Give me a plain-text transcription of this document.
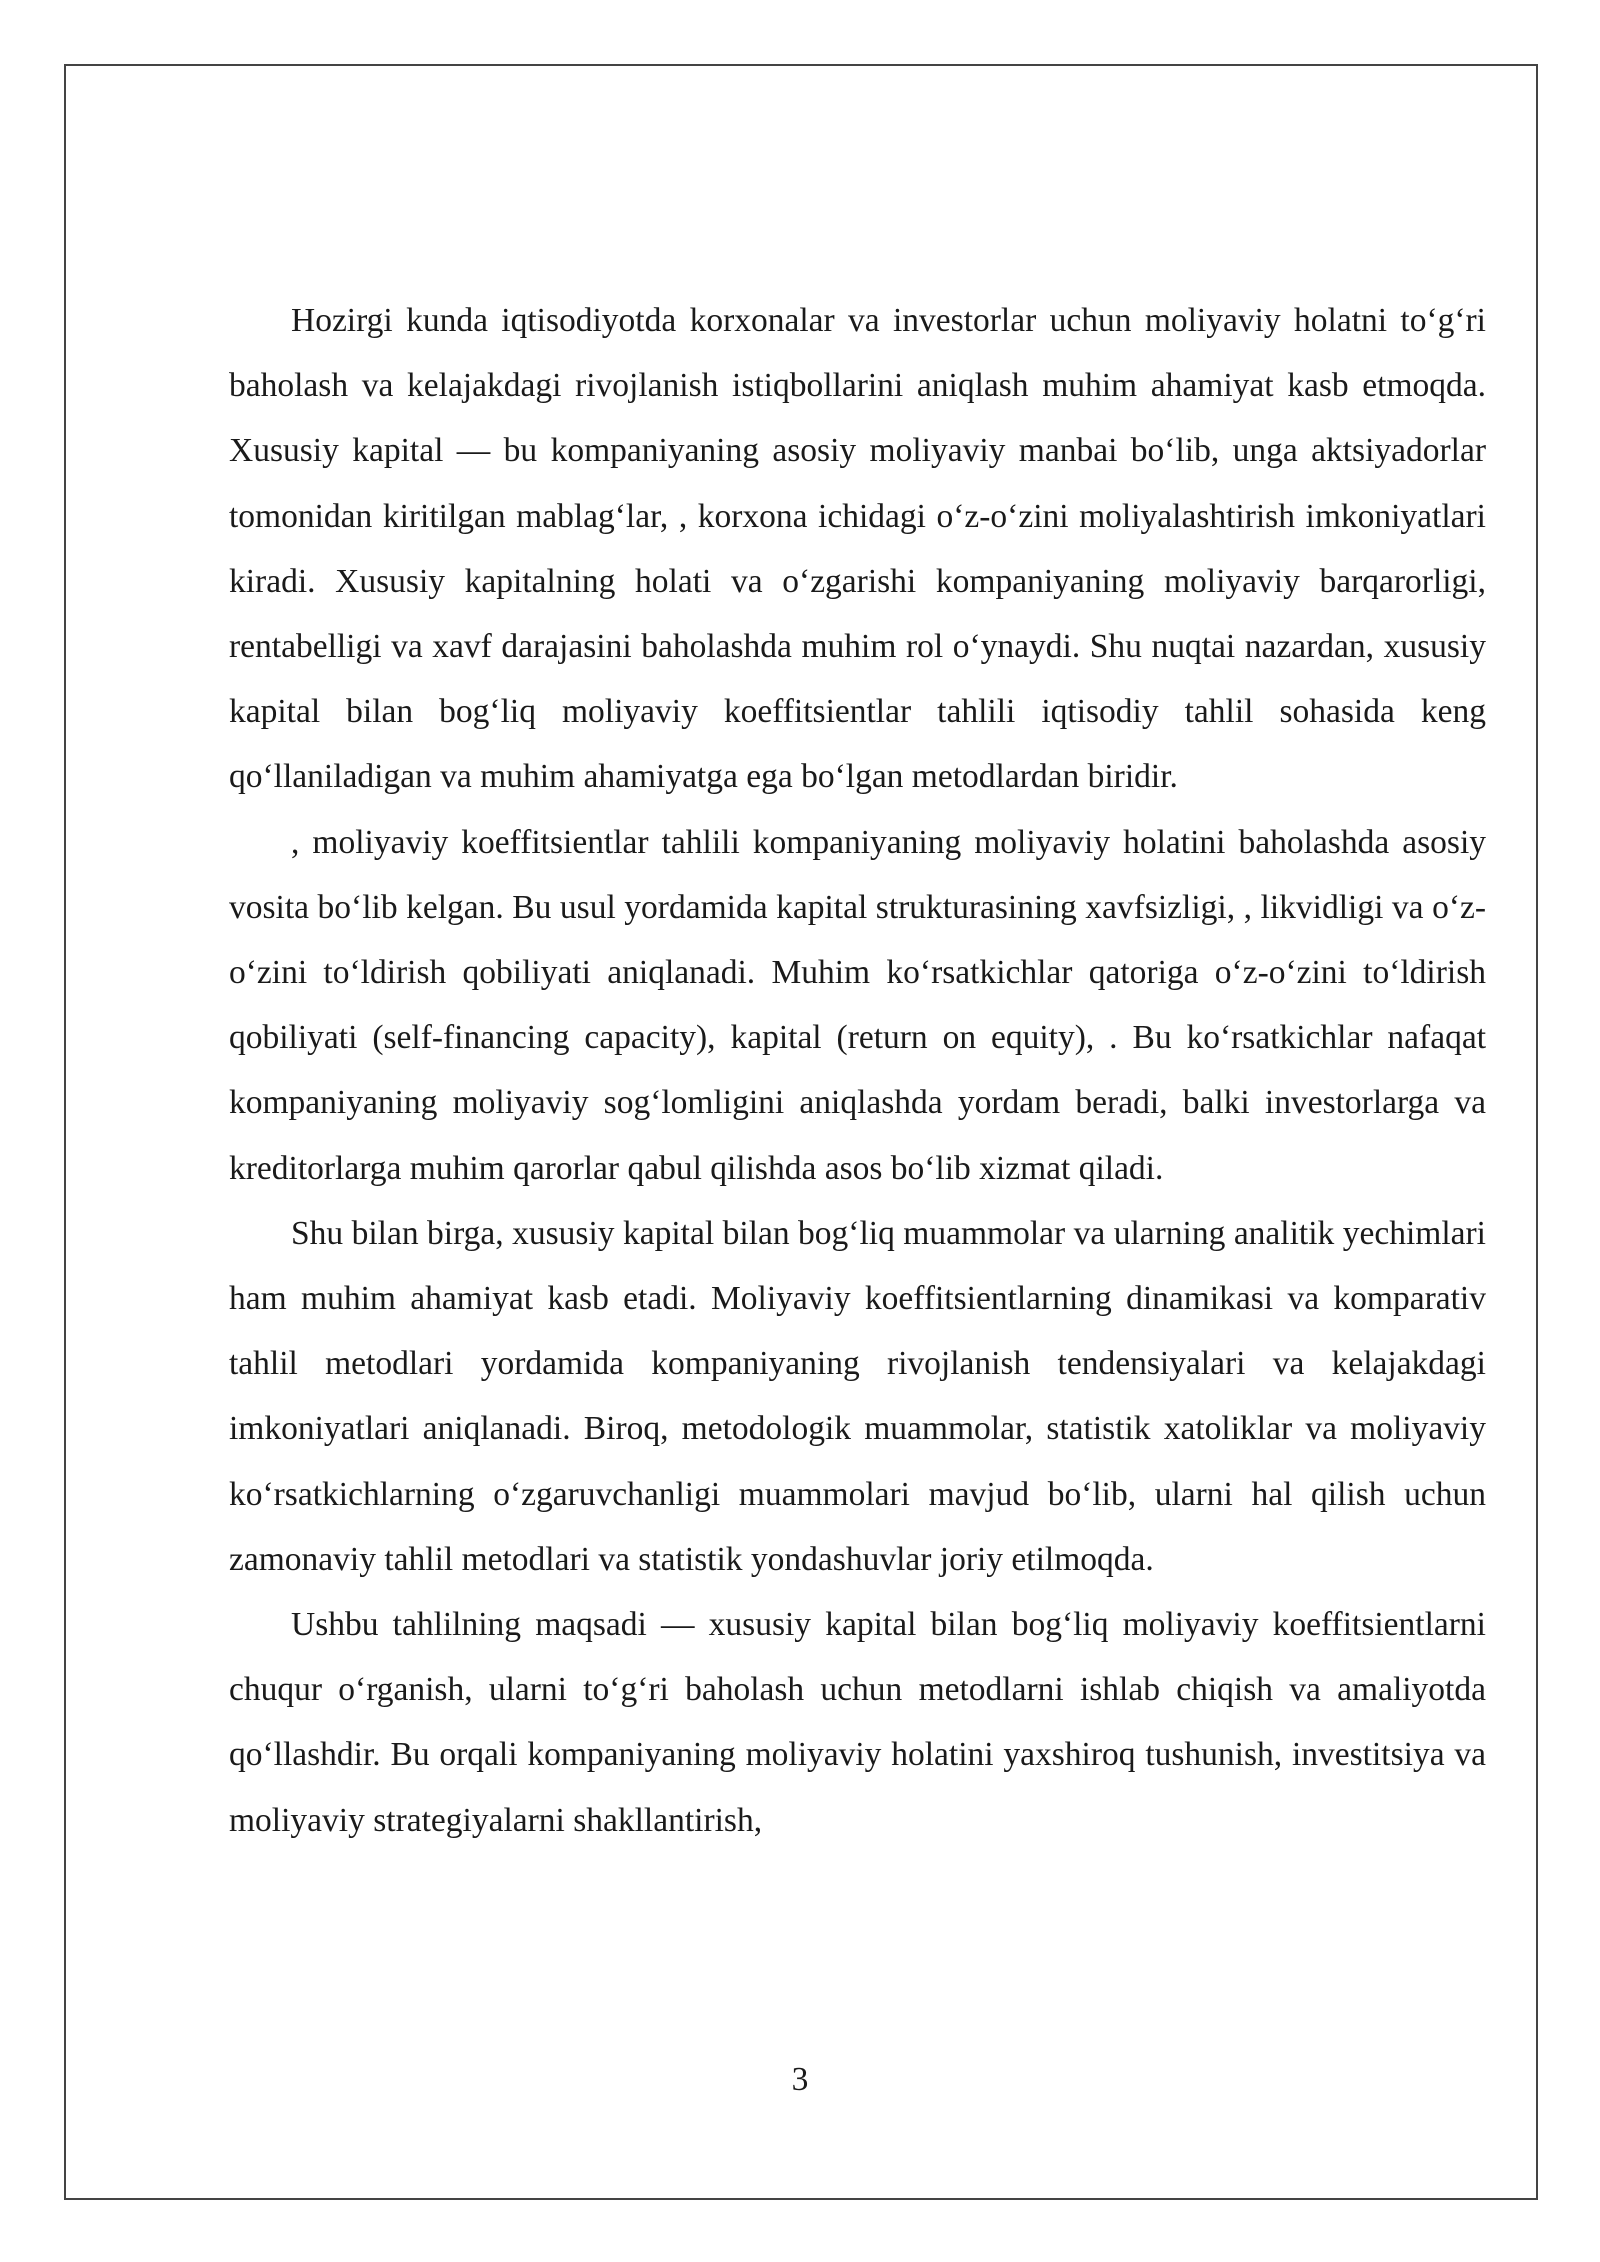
Hozirgi kunda iqtisodiyotda korxonalar va investorlar uchun moliyaviy holatni to‘g‘ri baholash va kelajakdagi rivojlanish istiqbollarini aniqlash muhim ahamiyat kasb etmoqda. Xususiy kapital — bu kompaniyaning asosiy moliyaviy manbai bo‘lib, unga aktsiyadorlar tomonidan kiritilgan mablag‘lar, , korxona ichidagi o‘z-o‘zini moliyalashtirish imkoniyatlari kiradi. Xususiy kapitalning holati va o‘zgarishi kompaniyaning moliyaviy barqarorligi, rentabelligi va xavf darajasini baholashda muhim rol o‘ynaydi. Shu nuqtai nazardan, xususiy kapital bilan bog‘liq moliyaviy koeffitsientlar tahlili iqtisodiy tahlil sohasida keng qo‘llaniladigan va muhim ahamiyatga ega bo‘lgan metodlardan biridir.

, moliyaviy koeffitsientlar tahlili kompaniyaning moliyaviy holatini baholashda asosiy vosita bo‘lib kelgan. Bu usul yordamida kapital strukturasining xavfsizligi, , likvidligi va o‘z-o‘zini to‘ldirish qobiliyati aniqlanadi. Muhim ko‘rsatkichlar qatoriga o‘z-o‘zini to‘ldirish qobiliyati (self-financing capacity), kapital (return on equity), . Bu ko‘rsatkichlar nafaqat kompaniyaning moliyaviy sog‘lomligini aniqlashda yordam beradi, balki investorlarga va kreditorlarga muhim qarorlar qabul qilishda asos bo‘lib xizmat qiladi.

Shu bilan birga, xususiy kapital bilan bog‘liq muammolar va ularning analitik yechimlari ham muhim ahamiyat kasb etadi. Moliyaviy koeffitsientlarning dinamikasi va komparativ tahlil metodlari yordamida kompaniyaning rivojlanish tendensiyalari va kelajakdagi imkoniyatlari aniqlanadi. Biroq, metodologik muammolar, statistik xatoliklar va moliyaviy ko‘rsatkichlarning o‘zgaruvchanligi muammolari mavjud bo‘lib, ularni hal qilish uchun zamonaviy tahlil metodlari va statistik yondashuvlar joriy etilmoqda.

Ushbu tahlilning maqsadi — xususiy kapital bilan bog‘liq moliyaviy koeffitsientlarni chuqur o‘rganish, ularni to‘g‘ri baholash uchun metodlarni ishlab chiqish va amaliyotda qo‘llashdir. Bu orqali kompaniyaning moliyaviy holatini yaxshiroq tushunish, investitsiya va moliyaviy strategiyalarni shakllantirish,

3
